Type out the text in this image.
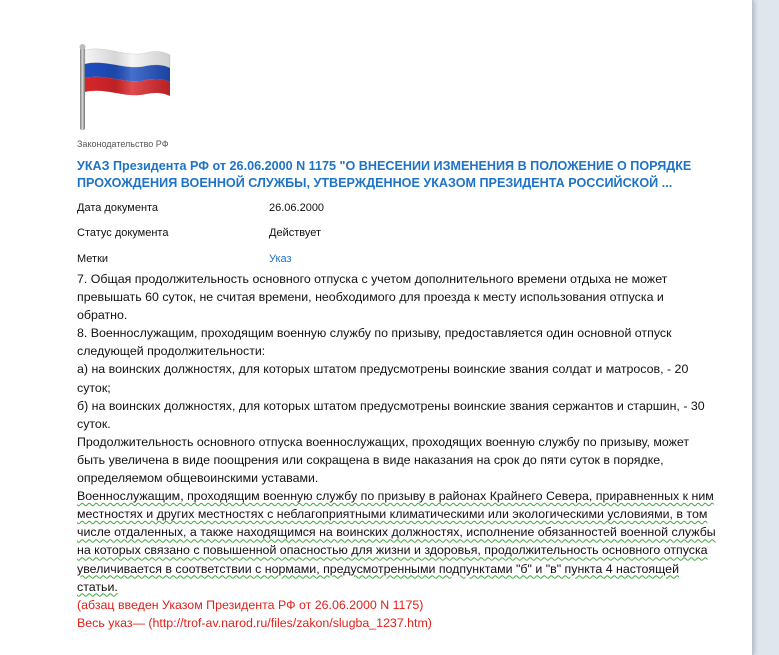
Законодательство РФ
УКАЗ Президента РФ от 26.06.2000 N 1175 "О ВНЕСЕНИИ ИЗМЕНЕНИЯ В ПОЛОЖЕНИЕ О ПОРЯДКЕ ПРОХОЖДЕНИЯ ВОЕННОЙ СЛУЖБЫ, УТВЕРЖДЕННОЕ УКАЗОМ ПРЕЗИДЕНТА РОССИЙСКОЙ ...
Дата документа	26.06.2000
Статус документа	Действует
Метки	Указ

7. Общая продолжительность основного отпуска с учетом дополнительного времени отдыха не может превышать 60 суток, не считая времени, необходимого для проезда к месту использования отпуска и обратно.

8. Военнослужащим, проходящим военную службу по призыву, предоставляется один основной отпуск следующей продолжительности:

а) на воинских должностях, для которых штатом предусмотрены воинские звания солдат и матросов, - 20 суток;

б) на воинских должностях, для которых штатом предусмотрены воинские звания сержантов и старшин, - 30 суток.

Продолжительность основного отпуска военнослужащих, проходящих военную службу по призыву, может быть увеличена в виде поощрения или сокращена в виде наказания на срок до пяти суток в порядке, определяемом общевоинскими уставами.

Военнослужащим, проходящим военную службу по призыву в районах Крайнего Севера, приравненных к ним местностях и других местностях с неблагоприятными климатическими или экологическими условиями, в том числе отдаленных, а также находящимся на воинских должностях, исполнение обязанностей военной службы на которых связано с повышенной опасностью для жизни и здоровья, продолжительность основного отпуска увеличивается в соответствии с нормами, предусмотренными подпунктами "б" и "в" пункта 4 настоящей статьи.

(абзац введен Указом Президента РФ от 26.06.2000 N 1175)

Весь указ— (http://trof-av.narod.ru/files/zakon/slugba_1237.htm)
